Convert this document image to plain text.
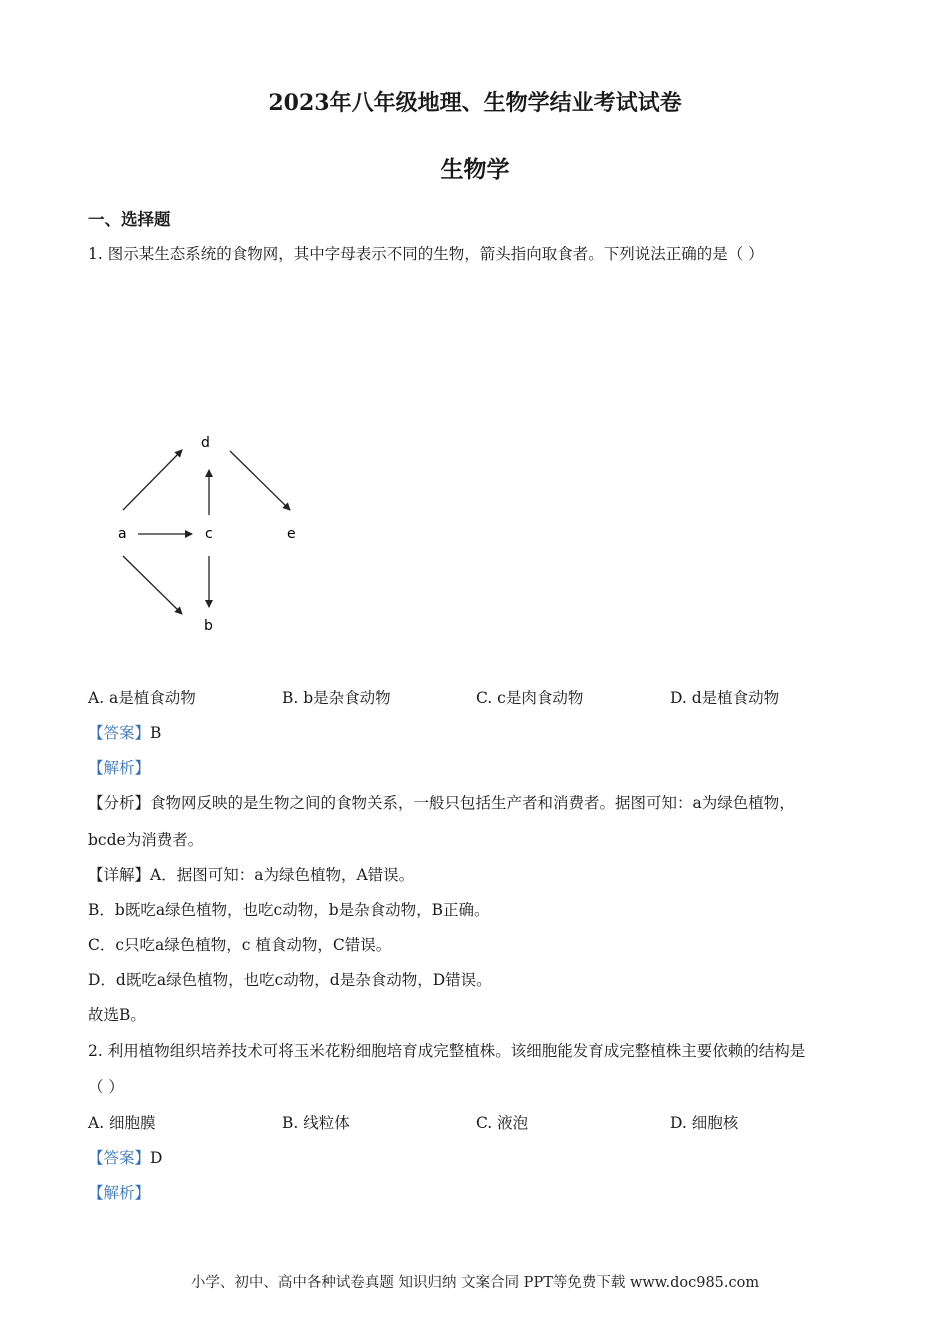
2023年八年级地理、生物学结业考试试卷
生物学
一、选择题
1. 图示某生态系统的食物网，其中字母表示不同的生物，箭头指向取食者。下列说法正确的是（ ）
d
a	c	e
b
A. a是植食动物	B. b是杂食动物	C. c是肉食动物	D. d是植食动物
【答案】B
【解析】
【分析】食物网反映的是生物之间的食物关系，一般只包括生产者和消费者。据图可知：a为绿色植物，
bcde为消费者。
【详解】A．据图可知：a为绿色植物，A错误。
B．b既吃a绿色植物，也吃c动物，b是杂食动物，B正确。
C．c只吃a绿色植物，c 植食动物，C错误。
D．d既吃a绿色植物，也吃c动物，d是杂食动物，D错误。
故选B。
2. 利用植物组织培养技术可将玉米花粉细胞培育成完整植株。该细胞能发育成完整植株主要依赖的结构是
（ ）
A. 细胞膜	B. 线粒体	C. 液泡	D. 细胞核
【答案】D
【解析】
小学、初中、高中各种试卷真题 知识归纳 文案合同 PPT等免费下载 www.doc985.com
